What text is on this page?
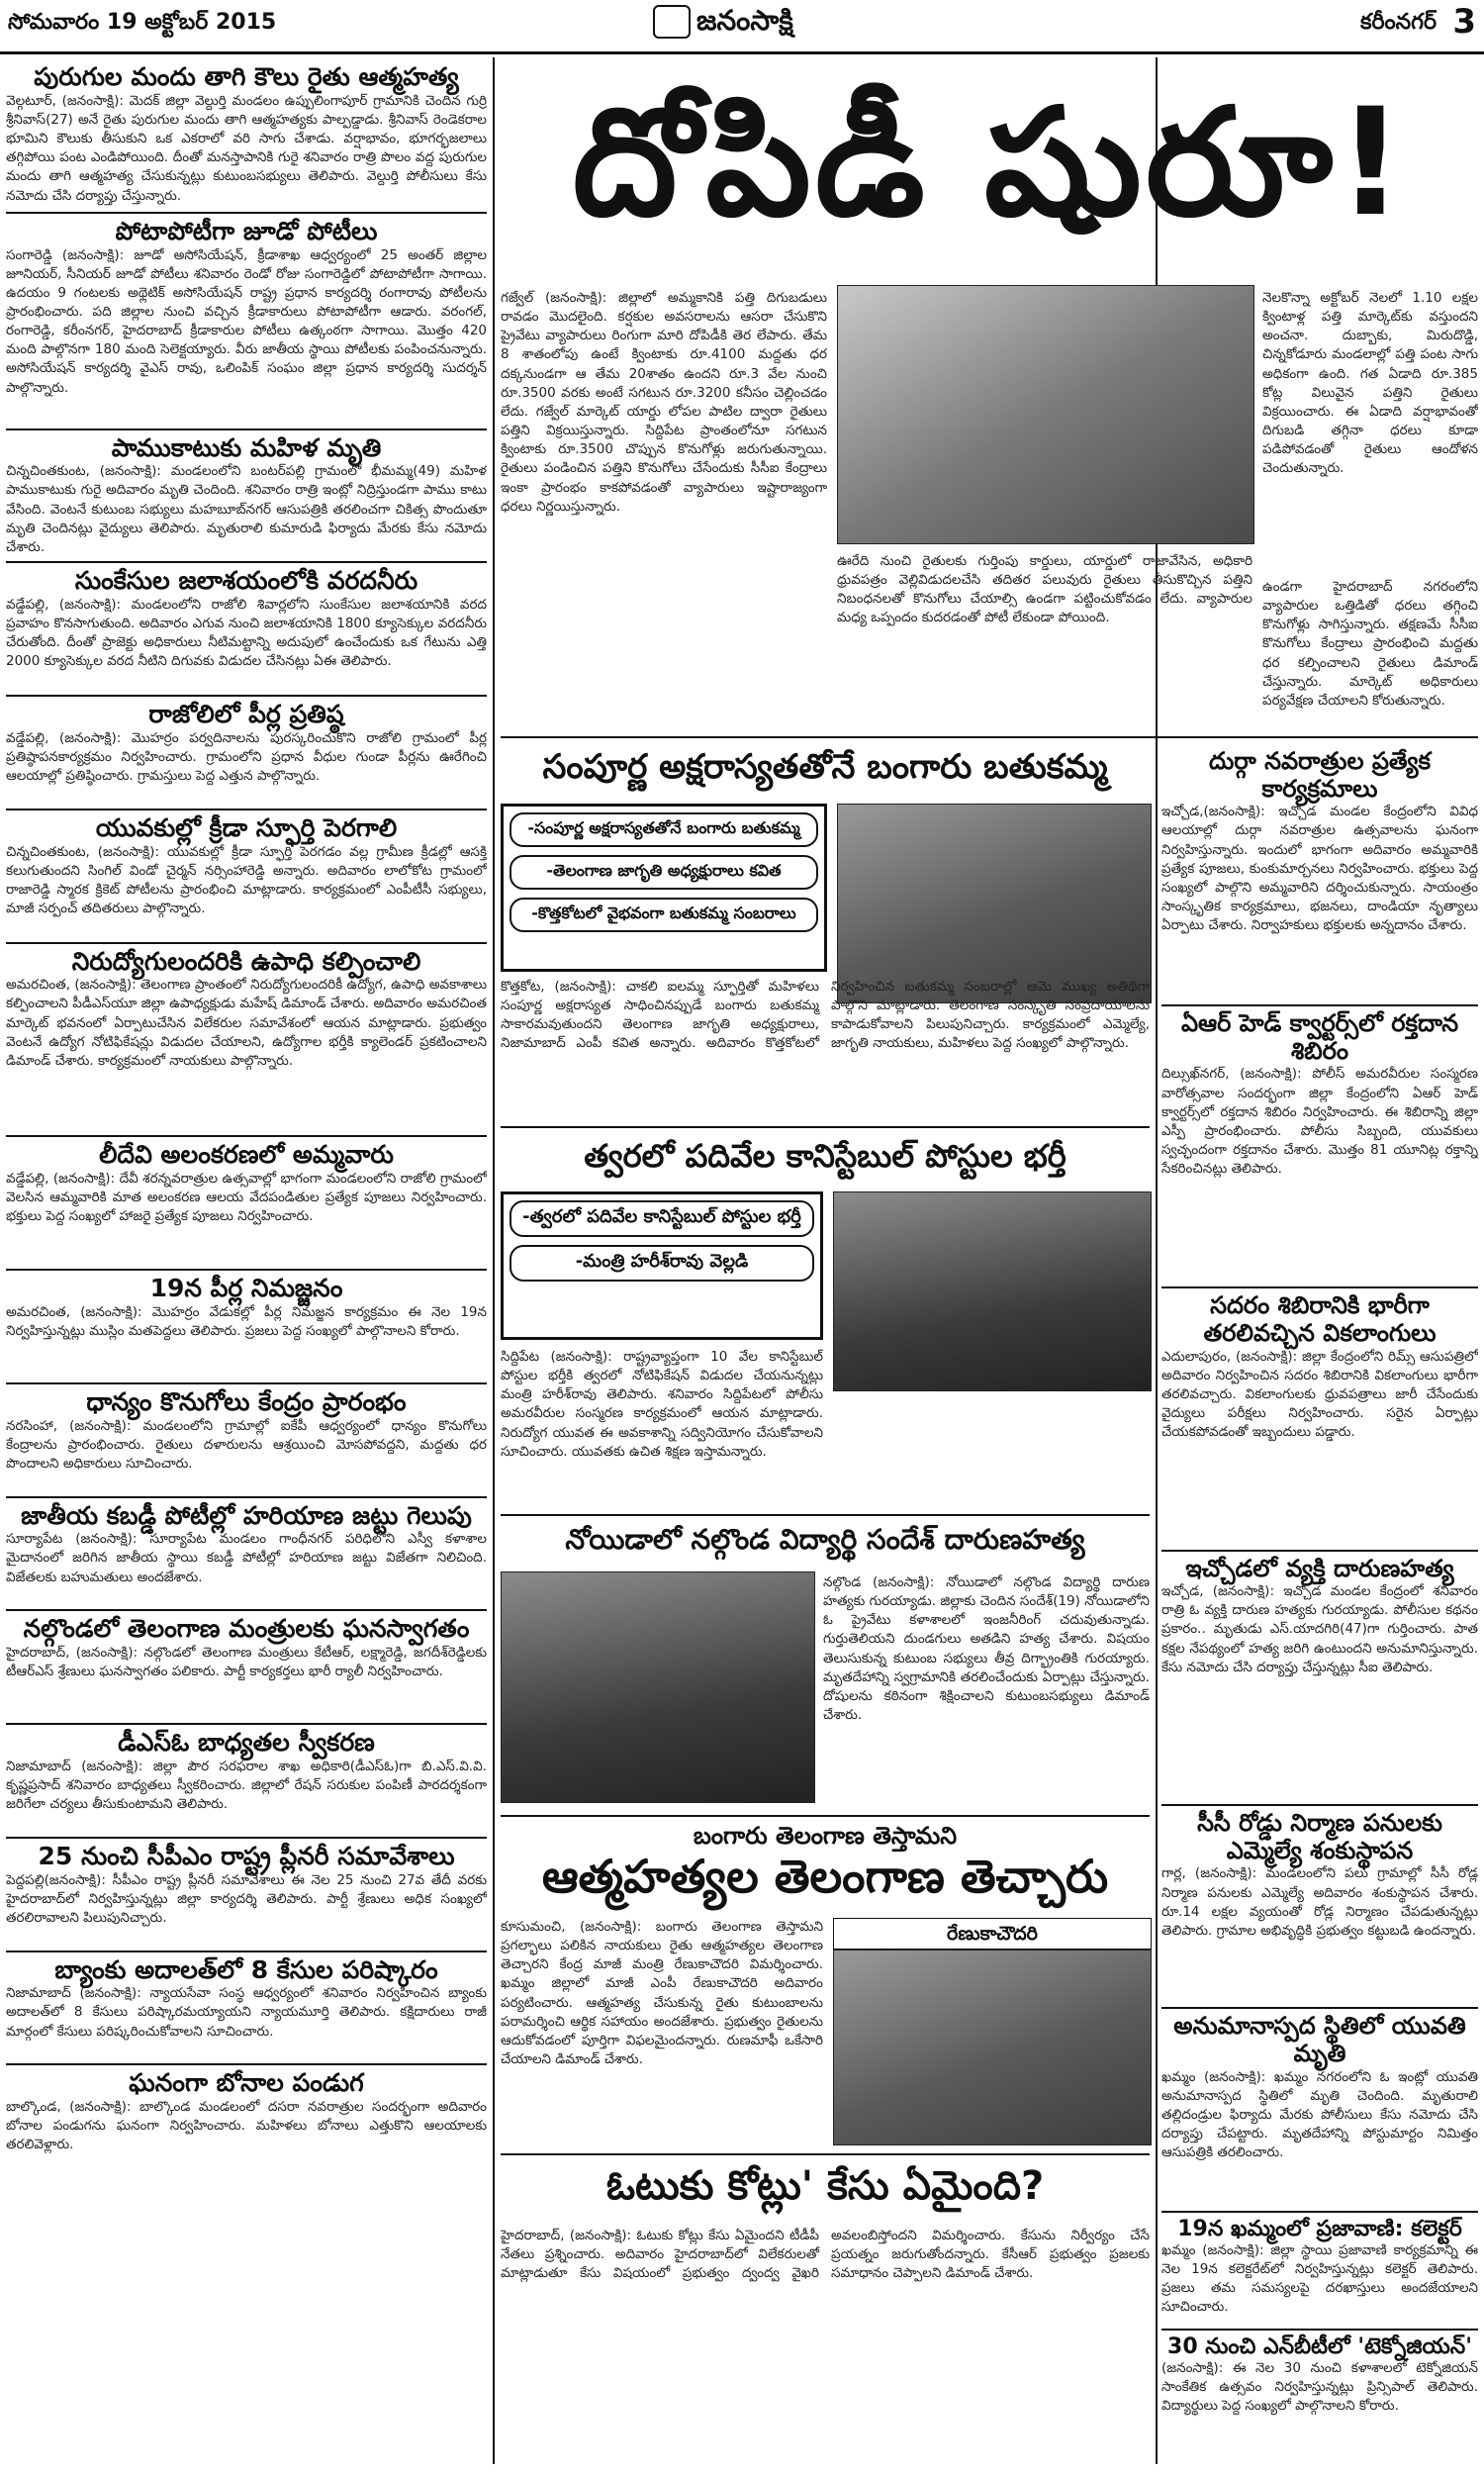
సోమవారం 19 అక్టోబర్ 2015	జనంసాక్షి	కరీంనగర్ 3
పురుగుల మందు తాగి కౌలు రైతు ఆత్మహత్య
వెల్గటూర్, (జనంసాక్షి): మెదక్ జిల్లా వెల్దుర్తి మండలం ఉప్పులింగాపూర్ గ్రామానికి చెందిన గుర్రి శ్రీనివాస్(27) అనే రైతు పురుగుల మందు తాగి ఆత్మహత్యకు పాల్పడ్డాడు. శ్రీనివాస్ రెండెకరాల భూమిని కౌలుకు తీసుకుని ఒక ఎకరాలో వరి సాగు చేశాడు. వర్షాభావం, భూగర్భజలాలు తగ్గిపోయి పంట ఎండిపోయింది. దీంతో మనస్తాపానికి గురై శనివారం రాత్రి పొలం వద్ద పురుగుల మందు తాగి ఆత్మహత్య చేసుకున్నట్లు కుటుంబసభ్యులు తెలిపారు. వెల్దుర్తి పోలీసులు కేసు నమోదు చేసి దర్యాప్తు చేస్తున్నారు.
పోటాపోటీగా జూడో పోటీలు
సంగారెడ్డి (జనంసాక్షి): జూడో అసోసియేషన్, క్రీడాశాఖ ఆధ్వర్యంలో 25 అంతర్ జిల్లాల జూనియర్, సీనియర్ జూడో పోటీలు శనివారం రెండో రోజు సంగారెడ్డిలో పోటాపోటీగా సాగాయి. ఉదయం 9 గంటలకు అథ్లెటిక్ అసోసియేషన్ రాష్ట్ర ప్రధాన కార్యదర్శి రంగారావు పోటీలను ప్రారంభించారు. పది జిల్లాల నుంచి వచ్చిన క్రీడాకారులు పోటాపోటీగా ఆడారు. వరంగల్, రంగారెడ్డి, కరీంనగర్, హైదరాబాద్ క్రీడాకారుల పోటీలు ఉత్కంఠగా సాగాయి. మొత్తం 420 మంది పాల్గొనగా 180 మంది సెలెక్టయ్యారు. వీరు జాతీయ స్థాయి పోటీలకు పంపించనున్నారు. అసోసియేషన్ కార్యదర్శి వైఎస్ రావు, ఒలింపిక్ సంఘం జిల్లా ప్రధాన కార్యదర్శి సుదర్శన్ పాల్గొన్నారు.
పాముకాటుకు మహిళ మృతి
చిన్నచింతకుంట, (జనంసాక్షి): మండలంలోని బంటర్‌పల్లి గ్రామంలో భీమమ్మ(49) మహిళ పాముకాటుకు గురై అదివారం మృతి చెందింది. శనివారం రాత్రి ఇంట్లో నిద్రిస్తుండగా పాము కాటు వేసింది. వెంటనే కుటుంబ సభ్యులు మహబూబ్‌నగర్ ఆసుపత్రికి తరలించగా చికిత్స పొందుతూ మృతి చెందినట్లు వైద్యులు తెలిపారు. మృతురాలి కుమారుడి ఫిర్యాదు మేరకు కేసు నమోదు చేశారు.
సుంకేసుల జలాశయంలోకి వరదనీరు
వడ్డేపల్లి, (జనంసాక్షి): మండలంలోని రాజోలి శివార్లలోని సుంకేసుల జలాశయానికి వరద ప్రవాహం కొనసాగుతుంది. అదివారం ఎగువ నుంచి జలాశయానికి 1800 క్యూసెక్కుల వరదనీరు చేరుతోంది. దీంతో ప్రాజెక్టు అధికారులు నీటిమట్టాన్ని అదుపులో ఉంచేందుకు ఒక గేటును ఎత్తి 2000 క్యూసెక్కుల వరద నీటిని దిగువకు విడుదల చేసినట్లు ఏఈ తెలిపారు.
రాజోలిలో పీర్ల ప్రతిష్ఠ
వడ్డేపల్లి, (జనంసాక్షి): మొహర్రం పర్వదినాలను పురస్కరించుకొని రాజోలి గ్రామంలో పీర్ల ప్రతిష్ఠాపనకార్యక్రమం నిర్వహించారు. గ్రామంలోని ప్రధాన వీధుల గుండా పీర్లను ఊరేగించి ఆలయాల్లో ప్రతిష్ఠించారు. గ్రామస్తులు పెద్ద ఎత్తున పాల్గొన్నారు.
యువకుల్లో క్రీడా స్ఫూర్తి పెరగాలి
చిన్నచింతకుంట, (జనంసాక్షి): యువకుల్లో క్రీడా స్ఫూర్తి పెరగడం వల్ల గ్రామీణ క్రీడల్లో ఆసక్తి కలుగుతుందని సింగిల్ విండో చైర్మన్ నర్సింహారెడ్డి అన్నారు. అదివారం లాలోకోట గ్రామంలో రాజారెడ్డి స్మారక క్రికెట్ పోటీలను ప్రారంభించి మాట్లాడారు. కార్యక్రమంలో ఎంపీటీసీ సభ్యులు, మాజీ సర్పంచ్ తదితరులు పాల్గొన్నారు.
నిరుద్యోగులందరికి ఉపాధి కల్పించాలి
అమరచింత, (జనంసాక్షి): తెలంగాణ ప్రాంతంలో నిరుద్యోగులందరికీ ఉద్యోగ, ఉపాధి అవకాశాలు కల్పించాలని పీడీఎస్‌యూ జిల్లా ఉపాధ్యక్షుడు మహేష్ డిమాండ్ చేశారు. అదివారం అమరచింత మార్కెట్ భవనంలో ఏర్పాటుచేసిన విలేకరుల సమావేశంలో ఆయన మాట్లాడారు. ప్రభుత్వం వెంటనే ఉద్యోగ నోటిఫికేషన్లు విడుదల చేయాలని, ఉద్యోగాల భర్తీకి క్యాలెండర్ ప్రకటించాలని డిమాండ్ చేశారు. కార్యక్రమంలో నాయకులు పాల్గొన్నారు.
లీదేవి అలంకరణలో అమ్మవారు
వడ్డేపల్లి, (జనంసాక్షి): దేవీ శరన్నవరాత్రుల ఉత్సవాల్లో భాగంగా మండలంలోని రాజోలి గ్రామంలో వెలసిన ఆమ్మవారికి మాత అలంకరణ ఆలయ వేదపండితుల ప్రత్యేక పూజలు నిర్వహించారు. భక్తులు పెద్ద సంఖ్యలో హాజరై ప్రత్యేక పూజలు నిర్వహించారు.
19న పీర్ల నిమజ్జనం
అమరచింత, (జనంసాక్షి): మొహర్రం వేడుకల్లో పీర్ల నిమజ్జన కార్యక్రమం ఈ నెల 19న నిర్వహిస్తున్నట్లు ముస్లిం మతపెద్దలు తెలిపారు. ప్రజలు పెద్ద సంఖ్యలో పాల్గొనాలని కోరారు.
ధాన్యం కొనుగోలు కేంద్రం ప్రారంభం
నరసింహా, (జనంసాక్షి): మండలంలోని గ్రామాల్లో ఐకేపీ ఆధ్వర్యంలో ధాన్యం కొనుగోలు కేంద్రాలను ప్రారంభించారు. రైతులు దళారులను ఆశ్రయించి మోసపోవద్దని, మద్దతు ధర పొందాలని అధికారులు సూచించారు.
జాతీయ కబడ్డీ పోటీల్లో హరియాణ జట్టు గెలుపు
సూర్యాపేట (జనంసాక్షి): సూర్యాపేట మండలం గాంధీనగర్ పరిధిలోని ఎస్వీ కళాశాల మైదానంలో జరిగిన జాతీయ స్థాయి కబడ్డీ పోటీల్లో హరియాణ జట్టు విజేతగా నిలిచింది. విజేతలకు బహుమతులు అందజేశారు.
నల్గొండలో తెలంగాణ మంత్రులకు ఘనస్వాగతం
హైదరాబాద్, (జనంసాక్షి): నల్గొండలో తెలంగాణ మంత్రులు కేటీఆర్, లక్ష్మారెడ్డి, జగదీశ్‌రెడ్డిలకు టీఆర్ఎస్ శ్రేణులు ఘనస్వాగతం పలికారు. పార్టీ కార్యకర్తలు భారీ ర్యాలీ నిర్వహించారు.
డీఎస్‌ఓ బాధ్యతల స్వీకరణ
నిజామాబాద్ (జనంసాక్షి): జిల్లా పౌర సరఫరాల శాఖ అధికారి(డీఎస్‌ఓ)గా బి.ఎస్.వి.వి. కృష్ణప్రసాద్ శనివారం బాధ్యతలు స్వీకరించారు. జిల్లాలో రేషన్ సరుకుల పంపిణీ పారదర్శకంగా జరిగేలా చర్యలు తీసుకుంటామని తెలిపారు.
25 నుంచి సీపీఎం రాష్ట్ర ప్లీనరీ సమావేశాలు
పెద్దపల్లి(జనంసాక్షి): సీపీఎం రాష్ట్ర ప్లీనరీ సమావేశాలు ఈ నెల 25 నుంచి 27వ తేదీ వరకు హైదరాబాద్‌లో నిర్వహిస్తున్నట్లు జిల్లా కార్యదర్శి తెలిపారు. పార్టీ శ్రేణులు అధిక సంఖ్యలో తరలిరావాలని పిలుపునిచ్చారు.
బ్యాంకు అదాలత్‌లో 8 కేసుల పరిష్కారం
నిజామాబాద్ (జనంసాక్షి): న్యాయసేవా సంస్థ ఆధ్వర్యంలో శనివారం నిర్వహించిన బ్యాంకు అదాలత్‌లో 8 కేసులు పరిష్కారమయ్యాయని న్యాయమూర్తి తెలిపారు. కక్షిదారులు రాజీ మార్గంలో కేసులు పరిష్కరించుకోవాలని సూచించారు.
ఘనంగా బోనాల పండుగ
బాల్కొండ, (జనంసాక్షి): బాల్కొండ మండలంలో దసరా నవరాత్రుల సందర్భంగా అదివారం బోనాల పండుగను ఘనంగా నిర్వహించారు. మహిళలు బోనాలు ఎత్తుకొని ఆలయాలకు తరలివెళ్లారు.
దోపిడీ షురూ!
గజ్వేల్ (జనంసాక్షి): జిల్లాలో అమ్మకానికి పత్తి దిగుబడులు రావడం మొదలైంది. కర్షకుల అవసరాలను ఆసరా చేసుకొని ప్రైవేటు వ్యాపారులు రింగుగా మారి దోపిడీకి తెర లేపారు. తేమ 8 శాతంలోపు ఉంటే క్వింటాకు రూ.4100 మద్దతు ధర దక్కనుండగా ఆ తేమ 20శాతం ఉందని రూ.3 వేల నుంచి రూ.3500 వరకు అంటే సగటున రూ.3200 కనీసం చెల్లించడం లేదు. గజ్వేల్ మార్కెట్ యార్డు లోపల పాటిల ద్వారా రైతులు పత్తిని విక్రయిస్తున్నారు. సిద్దిపేట ప్రాంతంలోనూ సగటున క్వింటాకు రూ.3500 చొప్పున కొనుగోళ్లు జరుగుతున్నాయి. రైతులు పండించిన పత్తిని కొనుగోలు చేసేందుకు సీసీఐ కేంద్రాలు ఇంకా ప్రారంభం కాకపోవడంతో వ్యాపారులు ఇష్టారాజ్యంగా ధరలు నిర్ణయిస్తున్నారు.
ఊరేది నుంచి రైతులకు గుర్తింపు కార్డులు, యార్డులో రాజావేసిన, అధికారి ధ్రువపత్రం వెల్లివిడుదలచేసి తదితర పలువురు రైతులు తీసుకొచ్చిన పత్తిని నిబంధనలతో కొనుగోలు చేయాల్సి ఉండగా పట్టించుకోవడం లేదు. వ్యాపారుల మధ్య ఒప్పందం కుదరడంతో పోటీ లేకుండా పోయింది.
నెలకొన్నా అక్టోబర్ నెలలో 1.10 లక్షల క్వింటాళ్ల పత్తి మార్కెట్‌కు వస్తుందని అంచనా. దుబ్బాకు, మిరుదొడ్డి, చిన్నకోడూరు మండలాల్లో పత్తి పంట సాగు అధికంగా ఉంది. గత ఏడాది రూ.385 కోట్ల విలువైన పత్తిని రైతులు విక్రయించారు. ఈ ఏడాది వర్షాభావంతో దిగుబడి తగ్గినా ధరలు కూడా పడిపోవడంతో రైతులు ఆందోళన చెందుతున్నారు.
ఉండగా హైదరాబాద్ నగరంలోని వ్యాపారుల ఒత్తిడితో ధరలు తగ్గించి కొనుగోళ్లు సాగిస్తున్నారు. తక్షణమే సీసీఐ కొనుగోలు కేంద్రాలు ప్రారంభించి మద్దతు ధర కల్పించాలని రైతులు డిమాండ్ చేస్తున్నారు. మార్కెట్ అధికారులు పర్యవేక్షణ చేయాలని కోరుతున్నారు.
సంపూర్ణ అక్షరాస్యతతోనే బంగారు బతుకమ్మ
-సంపూర్ణ అక్షరాస్యతతోనే బంగారు బతుకమ్మ
-తెలంగాణ జాగృతి అధ్యక్షురాలు కవిత
-కొత్తకోటలో వైభవంగా బతుకమ్మ సంబరాలు
కొత్తకోట, (జనంసాక్షి): చాకలి ఐలమ్మ స్ఫూర్తితో మహిళలు సంపూర్ణ అక్షరాస్యత సాధించినప్పుడే బంగారు బతుకమ్మ సాకారమవుతుందని తెలంగాణ జాగృతి అధ్యక్షురాలు, నిజామాబాద్ ఎంపీ కవిత అన్నారు. అదివారం కొత్తకోటలో నిర్వహించిన బతుకమ్మ సంబరాల్లో ఆమె ముఖ్య అతిథిగా పాల్గొని మాట్లాడారు. తెలంగాణ సంస్కృతి సంప్రదాయాలను కాపాడుకోవాలని పిలుపునిచ్చారు. కార్యక్రమంలో ఎమ్మెల్యే, జాగృతి నాయకులు, మహిళలు పెద్ద సంఖ్యలో పాల్గొన్నారు.
త్వరలో పదివేల కానిస్టేబుల్ పోస్టుల భర్తీ
-త్వరలో పదివేల కానిస్టేబుల్ పోస్టుల భర్తీ
-మంత్రి హరీశ్‌రావు వెల్లడి
సిద్దిపేట (జనంసాక్షి): రాష్ట్రవ్యాప్తంగా 10 వేల కానిస్టేబుల్ పోస్టుల భర్తీకి త్వరలో నోటిఫికేషన్ విడుదల చేయనున్నట్లు మంత్రి హరీశ్‌రావు తెలిపారు. శనివారం సిద్దిపేటలో పోలీసు అమరవీరుల సంస్మరణ కార్యక్రమంలో ఆయన మాట్లాడారు. నిరుద్యోగ యువత ఈ అవకాశాన్ని సద్వినియోగం చేసుకోవాలని సూచించారు. యువతకు ఉచిత శిక్షణ ఇస్తామన్నారు.
నోయిడాలో నల్గొండ విద్యార్థి సందేశ్ దారుణహత్య
నల్గొండ (జనంసాక్షి): నోయిడాలో నల్గొండ విద్యార్థి దారుణ హత్యకు గురయ్యాడు. జిల్లాకు చెందిన సందేశ్(19) నోయిడాలోని ఓ ప్రైవేటు కళాశాలలో ఇంజనీరింగ్ చదువుతున్నాడు. గుర్తుతెలియని దుండగులు అతడిని హత్య చేశారు. విషయం తెలుసుకున్న కుటుంబ సభ్యులు తీవ్ర దిగ్భ్రాంతికి గురయ్యారు. మృతదేహాన్ని స్వగ్రామానికి తరలించేందుకు ఏర్పాట్లు చేస్తున్నారు. దోషులను కఠినంగా శిక్షించాలని కుటుంబసభ్యులు డిమాండ్ చేశారు.
బంగారు తెలంగాణ తెస్తామని
ఆత్మహత్యల తెలంగాణ తెచ్చారు
కూసుమంచి, (జనంసాక్షి): బంగారు తెలంగాణ తెస్తామని ప్రగల్భాలు పలికిన నాయకులు రైతు ఆత్మహత్యల తెలంగాణ తెచ్చారని కేంద్ర మాజీ మంత్రి రేణుకాచౌదరి విమర్శించారు. ఖమ్మం జిల్లాలో మాజీ ఎంపీ రేణుకాచౌదరి అదివారం పర్యటించారు. ఆత్మహత్య చేసుకున్న రైతు కుటుంబాలను పరామర్శించి ఆర్థిక సహాయం అందజేశారు. ప్రభుత్వం రైతులను ఆదుకోవడంలో పూర్తిగా విఫలమైందన్నారు. రుణమాఫీ ఒకేసారి చేయాలని డిమాండ్ చేశారు.
రేణుకాచౌదరి
ఓటుకు కోట్లు' కేసు ఏమైంది?
హైదరాబాద్, (జనంసాక్షి): ఓటుకు కోట్లు కేసు ఏమైందని టీడీపీ నేతలు ప్రశ్నించారు. అదివారం హైదరాబాద్‌లో విలేకరులతో మాట్లాడుతూ కేసు విషయంలో ప్రభుత్వం ద్వంద్వ వైఖరి అవలంబిస్తోందని విమర్శించారు. కేసును నిర్వీర్యం చేసే ప్రయత్నం జరుగుతోందన్నారు. కేసీఆర్ ప్రభుత్వం ప్రజలకు సమాధానం చెప్పాలని డిమాండ్ చేశారు.
దుర్గా నవరాత్రుల ప్రత్యేక కార్యక్రమాలు
ఇచ్చోడ,(జనంసాక్షి): ఇచ్చోడ మండల కేంద్రంలోని వివిధ ఆలయాల్లో దుర్గా నవరాత్రుల ఉత్సవాలను ఘనంగా నిర్వహిస్తున్నారు. ఇందులో భాగంగా అదివారం అమ్మవారికి ప్రత్యేక పూజలు, కుంకుమార్చనలు నిర్వహించారు. భక్తులు పెద్ద సంఖ్యలో పాల్గొని అమ్మవారిని దర్శించుకున్నారు. సాయంత్రం సాంస్కృతిక కార్యక్రమాలు, భజనలు, దాండియా నృత్యాలు ఏర్పాటు చేశారు. నిర్వాహకులు భక్తులకు అన్నదానం చేశారు.
ఏఆర్ హెడ్ క్వార్టర్స్‌లో రక్తదాన శిబిరం
దిల్సుఖ్‌నగర్, (జనంసాక్షి): పోలీస్ అమరవీరుల సంస్మరణ వారోత్సవాల సందర్భంగా జిల్లా కేంద్రంలోని ఏఆర్ హెడ్ క్వార్టర్స్‌లో రక్తదాన శిబిరం నిర్వహించారు. ఈ శిబిరాన్ని జిల్లా ఎస్పీ ప్రారంభించారు. పోలీసు సిబ్బంది, యువకులు స్వచ్ఛందంగా రక్తదానం చేశారు. మొత్తం 81 యూనిట్ల రక్తాన్ని సేకరించినట్లు తెలిపారు.
సదరం శిబిరానికి భారీగా తరలివచ్చిన వికలాంగులు
ఎదులాపురం, (జనంసాక్షి): జిల్లా కేంద్రంలోని రిమ్స్ ఆసుపత్రిలో అదివారం నిర్వహించిన సదరం శిబిరానికి వికలాంగులు భారీగా తరలివచ్చారు. వికలాంగులకు ధ్రువపత్రాలు జారీ చేసేందుకు వైద్యులు పరీక్షలు నిర్వహించారు. సరైన ఏర్పాట్లు చేయకపోవడంతో ఇబ్బందులు పడ్డారు.
ఇచ్చోడలో వ్యక్తి దారుణహత్య
ఇచ్చోడ, (జనంసాక్షి): ఇచ్చోడ మండల కేంద్రంలో శనివారం రాత్రి ఓ వ్యక్తి దారుణ హత్యకు గురయ్యాడు. పోలీసుల కథనం ప్రకారం.. మృతుడు ఎస్.యాదగిరి(47)గా గుర్తించారు. పాత కక్షల నేపథ్యంలో హత్య జరిగి ఉంటుందని అనుమానిస్తున్నారు. కేసు నమోదు చేసి దర్యాప్తు చేస్తున్నట్లు సీఐ తెలిపారు.
సీసీ రోడ్డు నిర్మాణ పనులకు ఎమ్మెల్యే శంకుస్థాపన
గార్ల, (జనంసాక్షి): మండలంలోని పలు గ్రామాల్లో సీసీ రోడ్ల నిర్మాణ పనులకు ఎమ్మెల్యే అదివారం శంకుస్థాపన చేశారు. రూ.14 లక్షల వ్యయంతో రోడ్ల నిర్మాణం చేపడుతున్నట్లు తెలిపారు. గ్రామాల అభివృద్ధికి ప్రభుత్వం కట్టుబడి ఉందన్నారు.
అనుమానాస్పద స్థితిలో యువతి మృతి
ఖమ్మం (జనంసాక్షి): ఖమ్మం నగరంలోని ఓ ఇంట్లో యువతి అనుమానాస్పద స్థితిలో మృతి చెందింది. మృతురాలి తల్లిదండ్రుల ఫిర్యాదు మేరకు పోలీసులు కేసు నమోదు చేసి దర్యాప్తు చేపట్టారు. మృతదేహాన్ని పోస్టుమార్టం నిమిత్తం ఆసుపత్రికి తరలించారు.
19న ఖమ్మంలో ప్రజావాణి: కలెక్టర్
ఖమ్మం (జనంసాక్షి): జిల్లా స్థాయి ప్రజావాణి కార్యక్రమాన్ని ఈ నెల 19న కలెక్టరేట్‌లో నిర్వహిస్తున్నట్లు కలెక్టర్ తెలిపారు. ప్రజలు తమ సమస్యలపై దరఖాస్తులు అందజేయాలని సూచించారు.
30 నుంచి ఎన్‌బీటీలో 'టెక్నోజియన్'
(జనంసాక్షి): ఈ నెల 30 నుంచి కళాశాలలో టెక్నోజియన్ సాంకేతిక ఉత్సవం నిర్వహిస్తున్నట్లు ప్రిన్సిపాల్ తెలిపారు. విద్యార్థులు పెద్ద సంఖ్యలో పాల్గొనాలని కోరారు.
